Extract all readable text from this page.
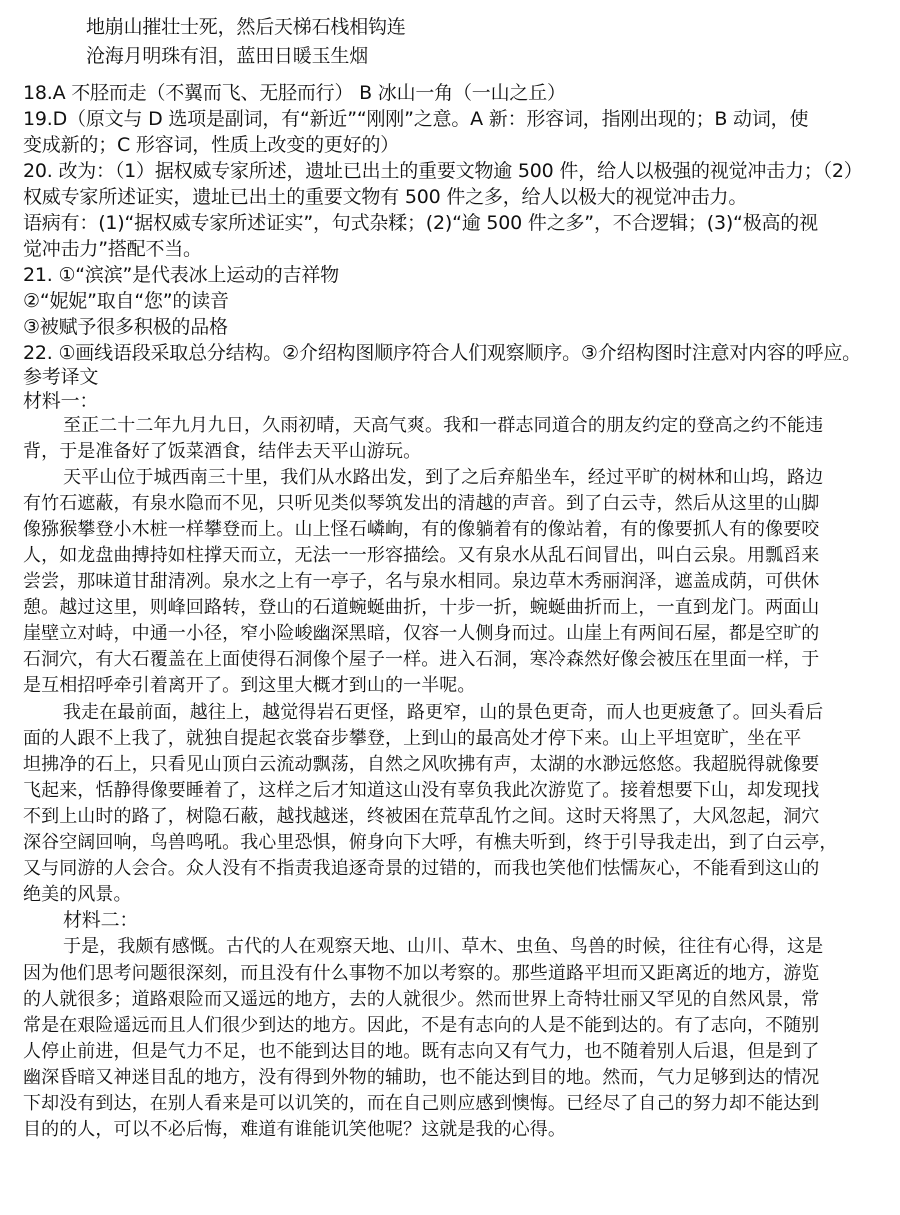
地崩山摧壮士死，然后天梯石栈相钩连
沧海月明珠有泪，蓝田日暖玉生烟
18.A 不胫而走（不翼而飞、无胫而行） B 冰山一角（一山之丘）
19.D（原文与 D 选项是副词，有“新近”“刚刚”之意。A 新：形容词，指刚出现的；B 动词，使
变成新的；C 形容词，性质上改变的更好的）
20. 改为：（1）据权威专家所述，遗址已出土的重要文物逾 500 件，给人以极强的视觉冲击力；（2）
权威专家所述证实，遗址已出土的重要文物有 500 件之多，给人以极大的视觉冲击力。
语病有：(1)“据权威专家所述证实”，句式杂糅；(2)“逾 500 件之多”，不合逻辑；(3)“极高的视
觉冲击力”搭配不当。
21. ①“滨滨”是代表冰上运动的吉祥物
②“妮妮”取自“您”的读音
③被赋予很多积极的品格
22. ①画线语段采取总分结构。②介绍构图顺序符合人们观察顺序。③介绍构图时注意对内容的呼应。
参考译文
材料一：
至正二十二年九月九日，久雨初晴，天高气爽。我和一群志同道合的朋友约定的登高之约不能违
背，于是准备好了饭菜酒食，结伴去天平山游玩。
天平山位于城西南三十里，我们从水路出发，到了之后弃船坐车，经过平旷的树林和山坞，路边
有竹石遮蔽，有泉水隐而不见，只听见类似琴筑发出的清越的声音。到了白云寺，然后从这里的山脚
像猕猴攀登小木桩一样攀登而上。山上怪石嶙峋，有的像躺着有的像站着，有的像要抓人有的像要咬
人，如龙盘曲搏持如柱撑天而立，无法一一形容描绘。又有泉水从乱石间冒出，叫白云泉。用瓢舀来
尝尝，那味道甘甜清冽。泉水之上有一亭子，名与泉水相同。泉边草木秀丽润泽，遮盖成荫，可供休
憩。越过这里，则峰回路转，登山的石道蜿蜒曲折，十步一折，蜿蜒曲折而上，一直到龙门。两面山
崖壁立对峙，中通一小径，窄小险峻幽深黑暗，仅容一人侧身而过。山崖上有两间石屋，都是空旷的
石洞穴，有大石覆盖在上面使得石洞像个屋子一样。进入石洞，寒冷森然好像会被压在里面一样，于
是互相招呼牵引着离开了。到这里大概才到山的一半呢。
我走在最前面，越往上，越觉得岩石更怪，路更窄，山的景色更奇，而人也更疲惫了。回头看后
面的人跟不上我了，就独自提起衣裳奋步攀登，上到山的最高处才停下来。山上平坦宽旷，坐在平
坦拂净的石上，只看见山顶白云流动飘荡，自然之风吹拂有声，太湖的水渺远悠悠。我超脱得就像要
飞起来，恬静得像要睡着了，这样之后才知道这山没有辜负我此次游览了。接着想要下山，却发现找
不到上山时的路了，树隐石蔽，越找越迷，终被困在荒草乱竹之间。这时天将黑了，大风忽起，洞穴
深谷空阔回响，鸟兽鸣吼。我心里恐惧，俯身向下大呼，有樵夫听到，终于引导我走出，到了白云亭，
又与同游的人会合。众人没有不指责我追逐奇景的过错的，而我也笑他们怯懦灰心，不能看到这山的
绝美的风景。
材料二：
于是，我颇有感慨。古代的人在观察天地、山川、草木、虫鱼、鸟兽的时候，往往有心得，这是
因为他们思考问题很深刻，而且没有什么事物不加以考察的。那些道路平坦而又距离近的地方，游览
的人就很多；道路艰险而又遥远的地方，去的人就很少。然而世界上奇特壮丽又罕见的自然风景，常
常是在艰险遥远而且人们很少到达的地方。因此，不是有志向的人是不能到达的。有了志向，不随别
人停止前进，但是气力不足，也不能到达目的地。既有志向又有气力，也不随着别人后退，但是到了
幽深昏暗又神迷目乱的地方，没有得到外物的辅助，也不能达到目的地。然而，气力足够到达的情况
下却没有到达，在别人看来是可以讥笑的，而在自己则应感到懊悔。已经尽了自己的努力却不能达到
目的的人，可以不必后悔，难道有谁能讥笑他呢？这就是我的心得。
